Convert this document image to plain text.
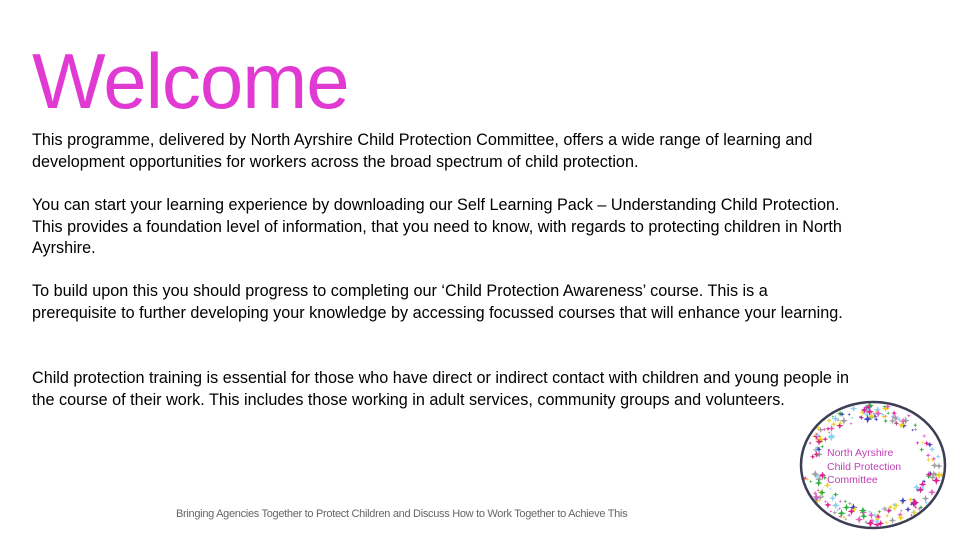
Welcome

This programme, delivered by North Ayrshire Child Protection Committee, offers a wide range of learning and development opportunities for workers across the broad spectrum of child protection.

You can start your learning experience by downloading our Self Learning Pack – Understanding Child Protection. This provides a foundation level of information, that you need to know, with regards to protecting children in North Ayrshire.

To build upon this you should progress to completing our ‘Child Protection Awareness’ course. This is a prerequisite to further developing your knowledge by accessing focussed courses that will enhance your learning.

Child protection training is essential for those who have direct or indirect contact with children and young people in the course of their work. This includes those working in adult services, community groups and volunteers.

North Ayrshire
Child Protection
Committee
Bringing Agencies Together to Protect Children and Discuss How to Work Together to Achieve This
